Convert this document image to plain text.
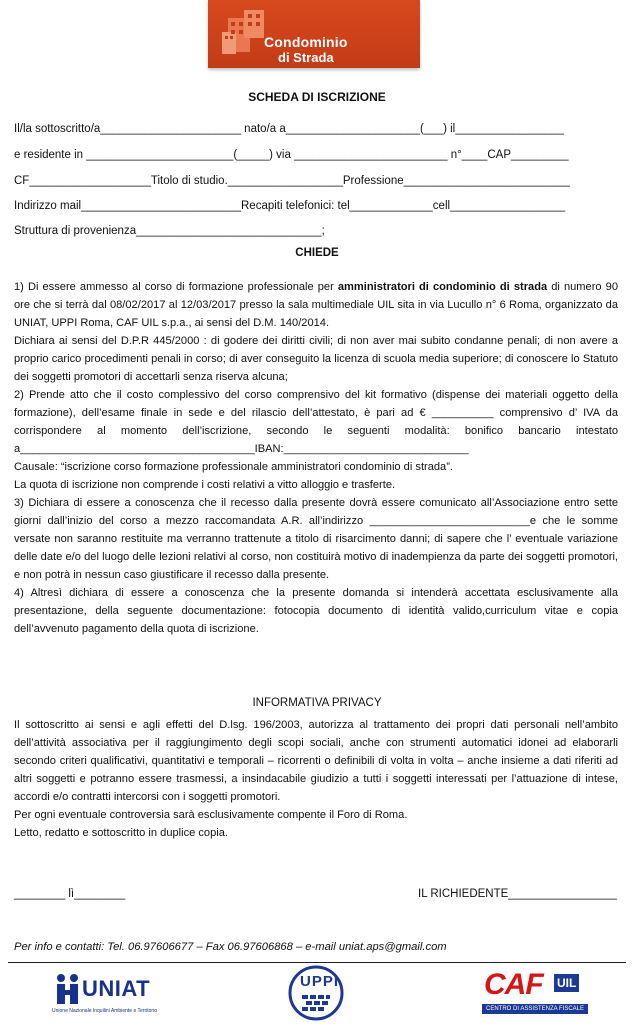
Condominio
di Strada
SCHEDA DI ISCRIZIONE
Il/la sottoscritto/a______________________ nato/a a_____________________(___) il_________________
e residente in _______________________(_____) via ________________________ n°____CAP_________
CF___________________Titolo di studio.__________________Professione__________________________
Indirizzo mail_________________________Recapiti telefonici: tel_____________cell__________________
Struttura di provenienza_____________________________;
CHIEDE

1) Di essere ammesso al corso di formazione professionale per amministratori di condominio di strada di numero 90 ore che si terrà dal 08/02/2017 al 12/03/2017 presso la sala multimediale UIL sita in via Lucullo n° 6 Roma, organizzato da UNIAT, UPPI Roma, CAF UIL s.p.a., ai sensi del D.M. 140/2014.

Dichiara ai sensi del D.P.R 445/2000 : di godere dei diritti civili; di non aver mai subito condanne penali; di non avere a proprio carico procedimenti penali in corso; di aver conseguito la licenza di scuola media superiore; di conoscere lo Statuto dei soggetti promotori di accettarli senza riserva alcuna;

2) Prende atto che il costo complessivo del corso comprensivo del kit formativo (dispense dei materiali oggetto della formazione), dell’esame finale in sede e del rilascio dell’attestato, è pari ad € __________ comprensivo d’ IVA da corrispondere al momento dell’iscrizione, secondo le seguenti modalità: bonifico bancario intestato a______________________________________IBAN:______________________________

Causale: “iscrizione corso formazione professionale amministratori condominio di strada”.

La quota di iscrizione non comprende i costi relativi a vitto alloggio e trasferte.

3) Dichiara di essere a conoscenza che il recesso dalla presente dovrà essere comunicato all’Associazione entro sette giorni dall’inizio del corso a mezzo raccomandata A.R. all’indirizzo __________________________e che le somme versate non saranno restituite ma verranno trattenute a titolo di risarcimento danni; di sapere che l’ eventuale variazione delle date e/o del luogo delle lezioni relativi al corso, non costituirà motivo di inadempienza da parte dei soggetti promotori, e non potrà in nessun caso giustificare il recesso dalla presente.

4) Altresì dichiara di essere a conoscenza che la presente domanda si intenderà accettata esclusivamente alla presentazione, della seguente documentazione: fotocopia documento di identità valido,curriculum vitae e copia dell’avvenuto pagamento della quota di iscrizione.

INFORMATIVA PRIVACY

Il sottoscritto ai sensi e agli effetti del D.lsg. 196/2003, autorizza al trattamento dei propri dati personali nell’ambito dell’attività associativa per il raggiungimento degli scopi sociali, anche con strumenti automatici idonei ad elaborarli secondo criteri qualificativi, quantitativi e temporali – ricorrenti o definibili di volta in volta – anche insieme a dati riferiti ad altri soggetti e potranno essere trasmessi, a insindacabile giudizio a tutti i soggetti interessati per l’attuazione di intese, accordi e/o contratti intercorsi con i soggetti promotori.

Per ogni eventuale controversia sarà esclusivamente compente il Foro di Roma.

Letto, redatto e sottoscritto in duplice copia.

________ lì________	IL RICHIEDENTE_________________
Per info e contatti: Tel. 06.97606677 – Fax 06.97606868 – e-mail uniat.aps@gmail.com
UNIAT
Unione Nazionale Inquilini Ambiente e Territorio
UPPI	CAF UIL
CENTRO DI ASSISTENZA FISCALE
